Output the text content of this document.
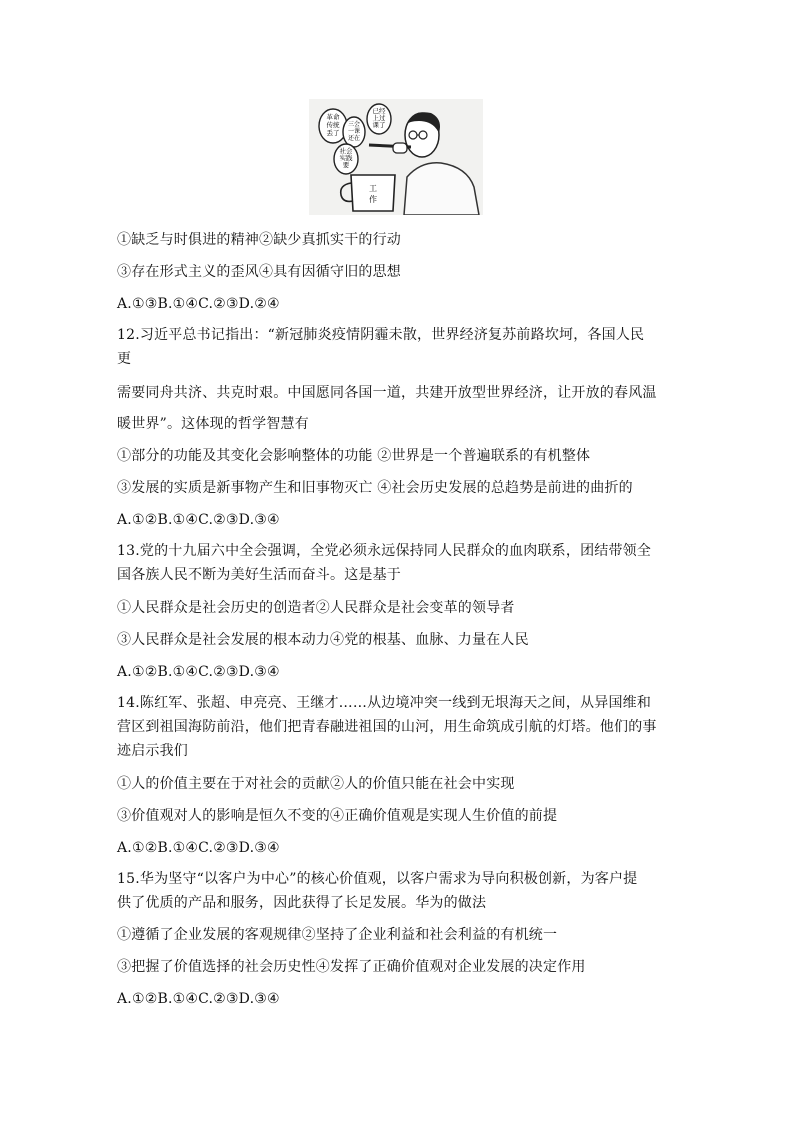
革命
传统
丢了
已经
上过
课了
三会
一课
还在
社会
实践
要
工
作
①缺乏与时俱进的精神②缺少真抓实干的行动
③存在形式主义的歪风④具有因循守旧的思想
A.①③B.①④C.②③D.②④
12.习近平总书记指出：“新冠肺炎疫情阴霾未散，世界经济复苏前路坎坷，各国人民
更
需要同舟共济、共克时艰。中国愿同各国一道，共建开放型世界经济，让开放的春风温
暖世界”。这体现的哲学智慧有
①部分的功能及其变化会影响整体的功能 ②世界是一个普遍联系的有机整体
③发展的实质是新事物产生和旧事物灭亡 ④社会历史发展的总趋势是前进的曲折的
A.①②B.①④C.②③D.③④
13.党的十九届六中全会强调，全党必须永远保持同人民群众的血肉联系，团结带领全
国各族人民不断为美好生活而奋斗。这是基于
①人民群众是社会历史的创造者②人民群众是社会变革的领导者
③人民群众是社会发展的根本动力④党的根基、血脉、力量在人民
A.①②B.①④C.②③D.③④
14.陈红军、张超、申亮亮、王继才……从边境冲突一线到无垠海天之间，从异国维和
营区到祖国海防前沿，他们把青春融进祖国的山河，用生命筑成引航的灯塔。他们的事
迹启示我们
①人的价值主要在于对社会的贡献②人的价值只能在社会中实现
③价值观对人的影响是恒久不变的④正确价值观是实现人生价值的前提
A.①②B.①④C.②③D.③④
15.华为坚守“以客户为中心”的核心价值观，以客户需求为导向积极创新，为客户提
供了优质的产品和服务，因此获得了长足发展。华为的做法
①遵循了企业发展的客观规律②坚持了企业利益和社会利益的有机统一
③把握了价值选择的社会历史性④发挥了正确价值观对企业发展的决定作用
A.①②B.①④C.②③D.③④
